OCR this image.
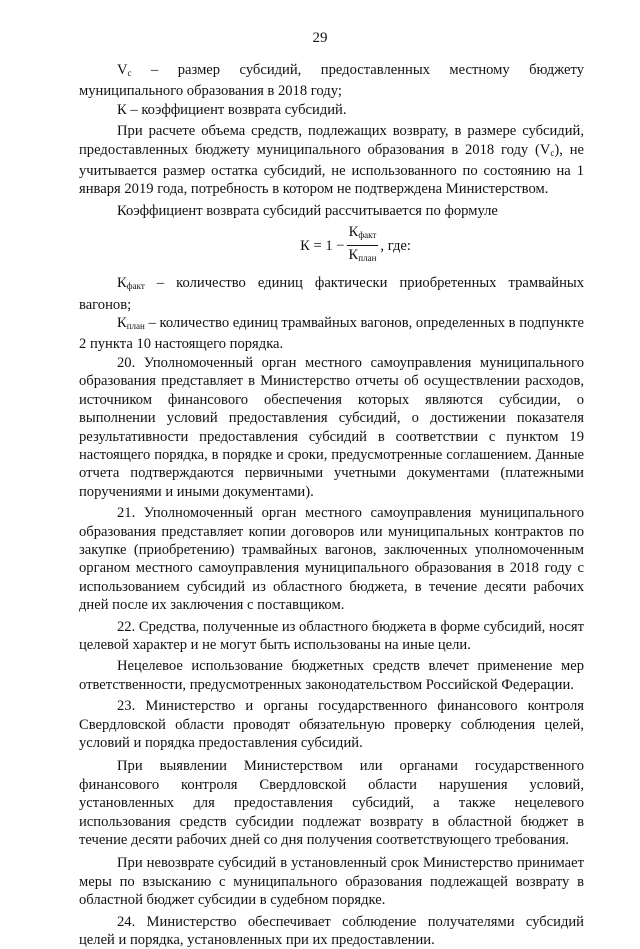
29

$V_c$ – размер субсидий, предоставленных местному бюджету муниципального образования в 2018 году;

К – коэффициент возврата субсидий.

При расчете объема средств, подлежащих возврату, в размере субсидий, предоставленных бюджету муниципального образования в 2018 году $(V_c)$, не учитывается размер остатка субсидий, не использованного по состоянию на 1 января 2019 года, потребность в котором не подтверждена Министерством.

Коэффициент возврата субсидий рассчитывается по формуле

$К = 1 - \frac{К_{факт}}{К_{план}}$ , где:

$К_{факт}$ – количество единиц фактически приобретенных трамвайных вагонов;

$К_{план}$ – количество единиц трамвайных вагонов, определенных в подпункте 2 пункта 10 настоящего порядка.

20. Уполномоченный орган местного самоуправления муниципального образования представляет в Министерство отчеты об осуществлении расходов, источником финансового обеспечения которых являются субсидии, о выполнении условий предоставления субсидий, о достижении показателя результативности предоставления субсидий в соответствии с пунктом 19 настоящего порядка, в порядке и сроки, предусмотренные соглашением. Данные отчета подтверждаются первичными учетными документами (платежными поручениями и иными документами).

21. Уполномоченный орган местного самоуправления муниципального образования представляет копии договоров или муниципальных контрактов по закупке (приобретению) трамвайных вагонов, заключенных уполномоченным органом местного самоуправления муниципального образования в 2018 году с использованием субсидий из областного бюджета, в течение десяти рабочих дней после их заключения с поставщиком.

22. Средства, полученные из областного бюджета в форме субсидий, носят целевой характер и не могут быть использованы на иные цели.

Нецелевое использование бюджетных средств влечет применение мер ответственности, предусмотренных законодательством Российской Федерации.

23. Министерство и органы государственного финансового контроля Свердловской области проводят обязательную проверку соблюдения целей, условий и порядка предоставления субсидий.

При выявлении Министерством или органами государственного финансового контроля Свердловской области нарушения условий, установленных для предоставления субсидий, а также нецелевого использования средств субсидии подлежат возврату в областной бюджет в течение десяти рабочих дней со дня получения соответствующего требования.

При невозврате субсидий в установленный срок Министерство принимает меры по взысканию с муниципального образования подлежащей возврату в областной бюджет субсидии в судебном порядке.

24. Министерство обеспечивает соблюдение получателями субсидий целей и порядка, установленных при их предоставлении.
